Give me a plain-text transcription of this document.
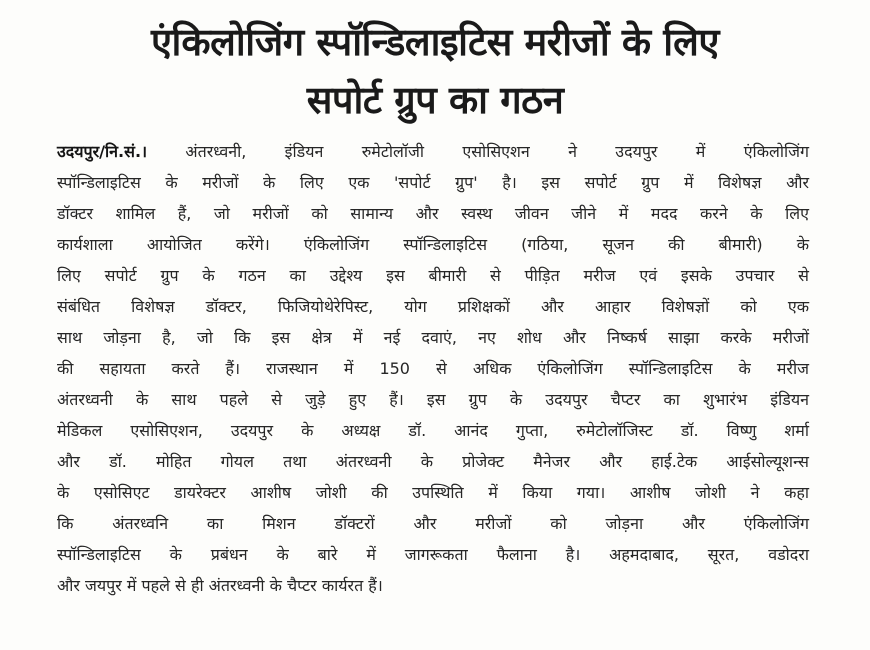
एंकिलोजिंग स्पॉन्डिलाइटिस मरीजों के लिए
सपोर्ट ग्रुप का गठन
उदयपुर/नि.सं.। अंतरध्वनी, इंडियन रुमेटोलॉजी एसोसिएशन ने उदयपुर में एंकिलोजिंग
स्पॉन्डिलाइटिस के मरीजों के लिए एक 'सपोर्ट ग्रुप' है। इस सपोर्ट ग्रुप में विशेषज्ञ और
डॉक्टर शामिल हैं, जो मरीजों को सामान्य और स्वस्थ जीवन जीने में मदद करने के लिए
कार्यशाला आयोजित करेंगे। एंकिलोजिंग स्पॉन्डिलाइटिस (गठिया, सूजन की बीमारी) के
लिए सपोर्ट ग्रुप के गठन का उद्देश्य इस बीमारी से पीड़ित मरीज एवं इसके उपचार से
संबंधित विशेषज्ञ डॉक्टर, फिजियोथेरेपिस्ट, योग प्रशिक्षकों और आहार विशेषज्ञों को एक
साथ जोड़ना है, जो कि इस क्षेत्र में नई दवाएं, नए शोध और निष्कर्ष साझा करके मरीजों
की सहायता करते हैं। राजस्थान में 150 से अधिक एंकिलोजिंग स्पॉन्डिलाइटिस के मरीज
अंतरध्वनी के साथ पहले से जुड़े हुए हैं। इस ग्रुप के उदयपुर चैप्टर का शुभारंभ इंडियन
मेडिकल एसोसिएशन, उदयपुर के अध्यक्ष डॉ. आनंद गुप्ता, रुमेटोलॉजिस्ट डॉ. विष्णु शर्मा
और डॉ. मोहित गोयल तथा अंतरध्वनी के प्रोजेक्ट मैनेजर और हाई.टेक आईसोल्यूशन्स
के एसोसिएट डायरेक्टर आशीष जोशी की उपस्थिति में किया गया। आशीष जोशी ने कहा
कि अंतरध्वनि का मिशन डॉक्टरों और मरीजों को जोड़ना और एंकिलोजिंग
स्पॉन्डिलाइटिस के प्रबंधन के बारे में जागरूकता फैलाना है। अहमदाबाद, सूरत, वडोदरा
और जयपुर में पहले से ही अंतरध्वनी के चैप्टर कार्यरत हैं।
